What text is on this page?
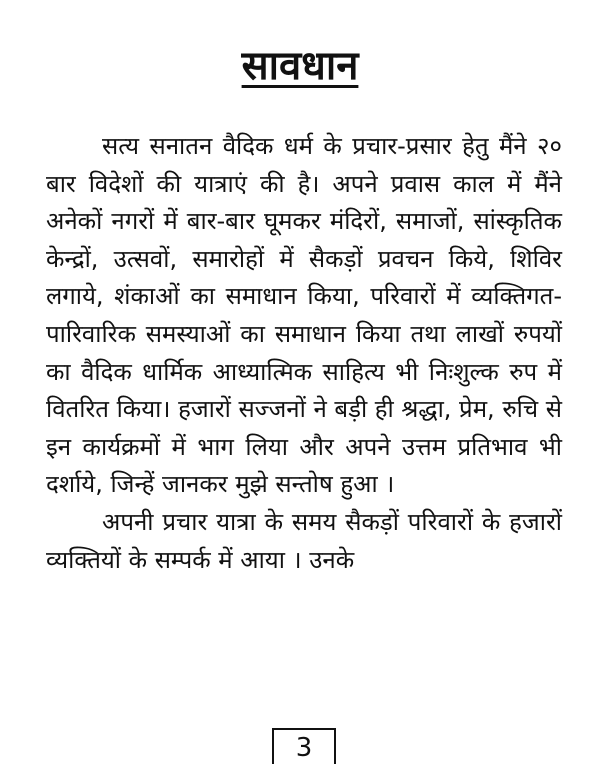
सावधान

सत्य सनातन वैदिक धर्म के प्रचार-प्रसार हेतु मैंने २० बार विदेशों की यात्राएं की है। अपने प्रवास काल में मैंने अनेकों नगरों में बार-बार घूमकर मंदिरों, समाजों, सांस्कृतिक केन्द्रों, उत्सवों, समारोहों में सैकड़ों प्रवचन किये, शिविर लगाये, शंकाओं का समाधान किया, परिवारों में व्यक्तिगत-पारिवारिक समस्याओं का समाधान किया तथा लाखों रुपयों का वैदिक धार्मिक आध्यात्मिक साहित्य भी निःशुल्क रुप में वितरित किया। हजारों सज्जनों ने बड़ी ही श्रद्धा, प्रेम, रुचि से इन कार्यक्रमों में भाग लिया और अपने उत्तम प्रतिभाव भी दर्शाये, जिन्हें जानकर मुझे सन्तोष हुआ ।

अपनी प्रचार यात्रा के समय सैकड़ों परिवारों के हजारों व्यक्तियों के सम्पर्क में आया । उनके

3
